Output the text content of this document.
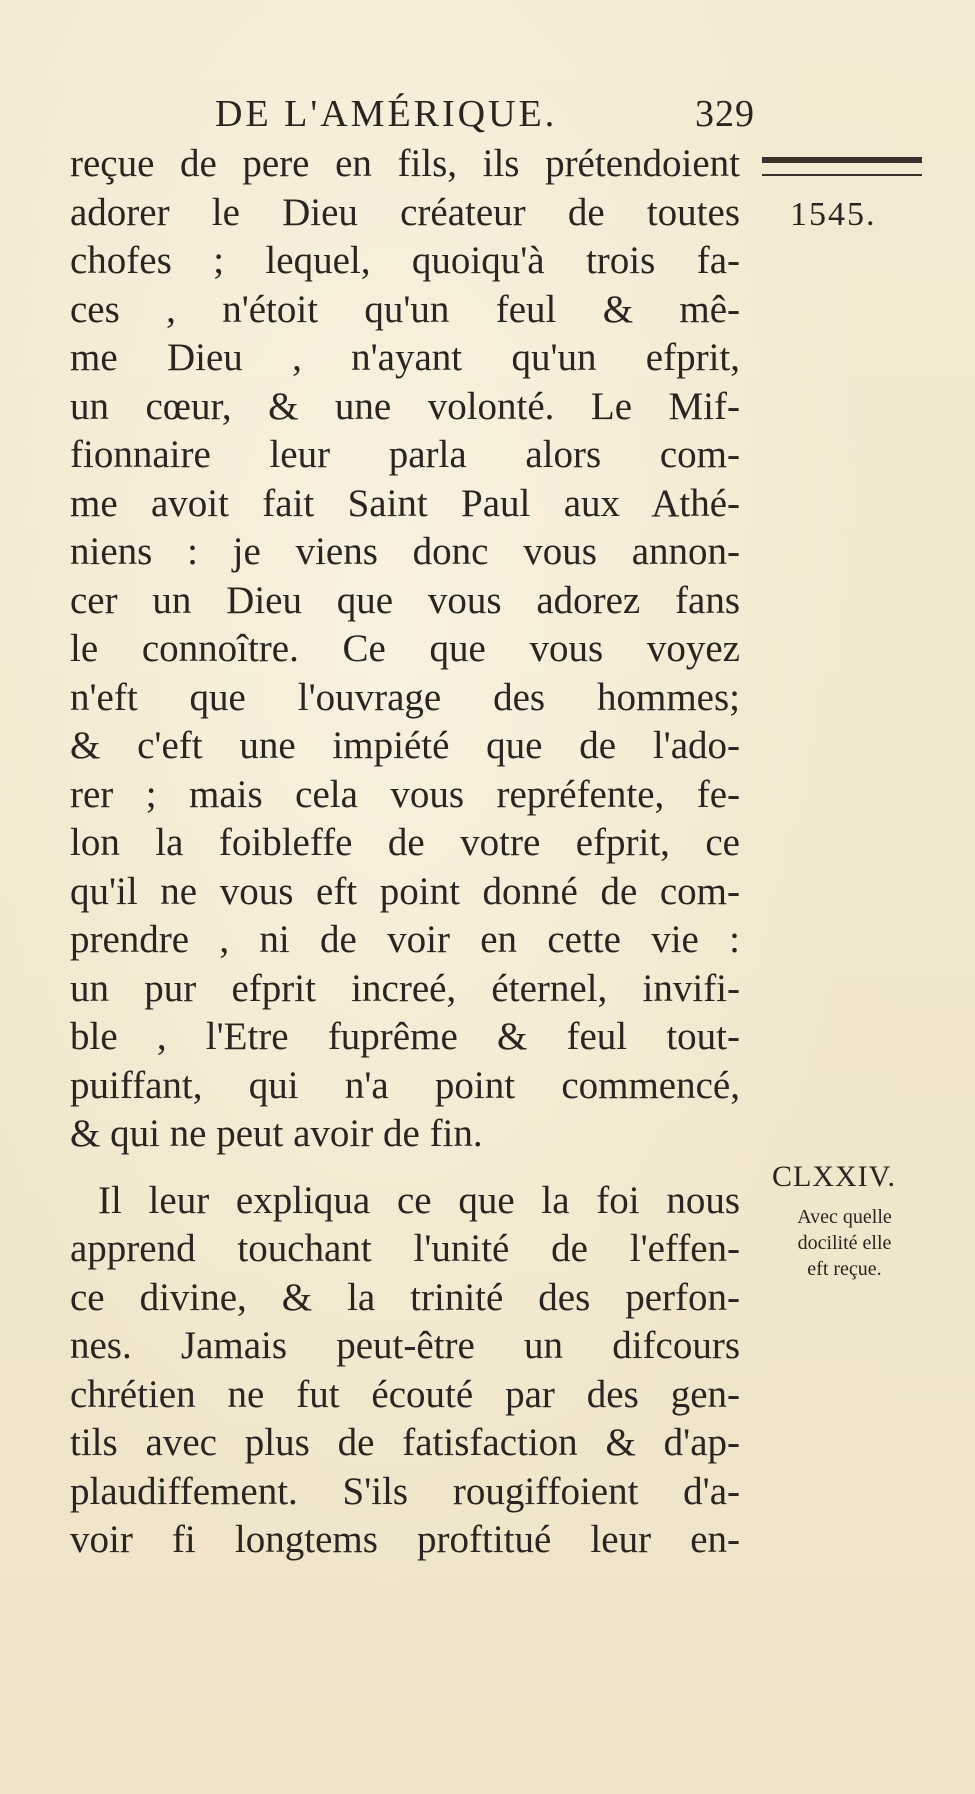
DE L'AMÉRIQUE.	329
1545.
reçue de pere en fils, ils prétendoient
adorer le Dieu créateur de toutes
chofes ; lequel, quoiqu'à trois fa-
ces , n'étoit qu'un feul & mê-
me Dieu , n'ayant qu'un efprit,
un cœur, & une volonté. Le Mif-
fionnaire leur parla alors com-
me avoit fait Saint Paul aux Athé-
niens : je viens donc vous annon-
cer un Dieu que vous adorez fans
le connoître. Ce que vous voyez
n'eft que l'ouvrage des hommes;
& c'eft une impiété que de l'ado-
rer ; mais cela vous repréfente, fe-
lon la foibleffe de votre efprit, ce
qu'il ne vous eft point donné de com-
prendre , ni de voir en cette vie :
un pur efprit increé, éternel, invifi-
ble , l'Etre fuprême & feul tout-
puiffant, qui n'a point commencé,
& qui ne peut avoir de fin.
Il leur expliqua ce que la foi nous
apprend touchant l'unité de l'effen-
ce divine, & la trinité des perfon-
nes. Jamais peut-être un difcours
chrétien ne fut écouté par des gen-
tils avec plus de fatisfaction & d'ap-
plaudiffement. S'ils rougiffoient d'a-
voir fi longtems proftitué leur en-
CLXXIV.
Avec quelle
docilité elle
eft reçue.
